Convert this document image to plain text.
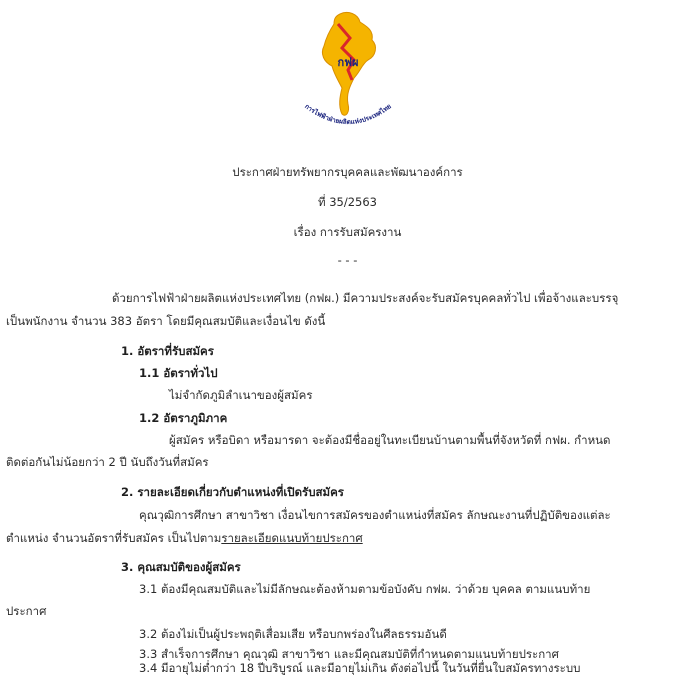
กฟผ
การไฟฟ้าฝ่ายผลิตแห่งประเทศไทย
ประกาศฝ่ายทรัพยากรบุคคลและพัฒนาองค์การ
ที่ 35/2563
เรื่อง การรับสมัครงาน
- - -
ด้วยการไฟฟ้าฝ่ายผลิตแห่งประเทศไทย (กฟผ.) มีความประสงค์จะรับสมัครบุคคลทั่วไป เพื่อจ้างและบรรจุ
เป็นพนักงาน จำนวน 383 อัตรา โดยมีคุณสมบัติและเงื่อนไข ดังนี้
1. อัตราที่รับสมัคร
1.1 อัตราทั่วไป
ไม่จำกัดภูมิลำเนาของผู้สมัคร
1.2 อัตราภูมิภาค
ผู้สมัคร หรือบิดา หรือมารดา จะต้องมีชื่ออยู่ในทะเบียนบ้านตามพื้นที่จังหวัดที่ กฟผ. กำหนด
ติดต่อกันไม่น้อยกว่า 2 ปี นับถึงวันที่สมัคร
2. รายละเอียดเกี่ยวกับตำแหน่งที่เปิดรับสมัคร
คุณวุฒิการศึกษา สาขาวิชา เงื่อนไขการสมัครของตำแหน่งที่สมัคร ลักษณะงานที่ปฏิบัติของแต่ละ
ตำแหน่ง จำนวนอัตราที่รับสมัคร เป็นไปตามรายละเอียดแนบท้ายประกาศ
3. คุณสมบัติของผู้สมัคร
3.1 ต้องมีคุณสมบัติและไม่มีลักษณะต้องห้ามตามข้อบังคับ กฟผ. ว่าด้วย บุคคล ตามแนบท้าย
ประกาศ
3.2 ต้องไม่เป็นผู้ประพฤติเสื่อมเสีย หรือบกพร่องในศีลธรรมอันดี
3.3 สำเร็จการศึกษา คุณวุฒิ สาขาวิชา และมีคุณสมบัติที่กำหนดตามแนบท้ายประกาศ
3.4 มีอายุไม่ต่ำกว่า 18 ปีบริบูรณ์ และมีอายุไม่เกิน ดังต่อไปนี้ ในวันที่ยื่นใบสมัครทางระบบ
